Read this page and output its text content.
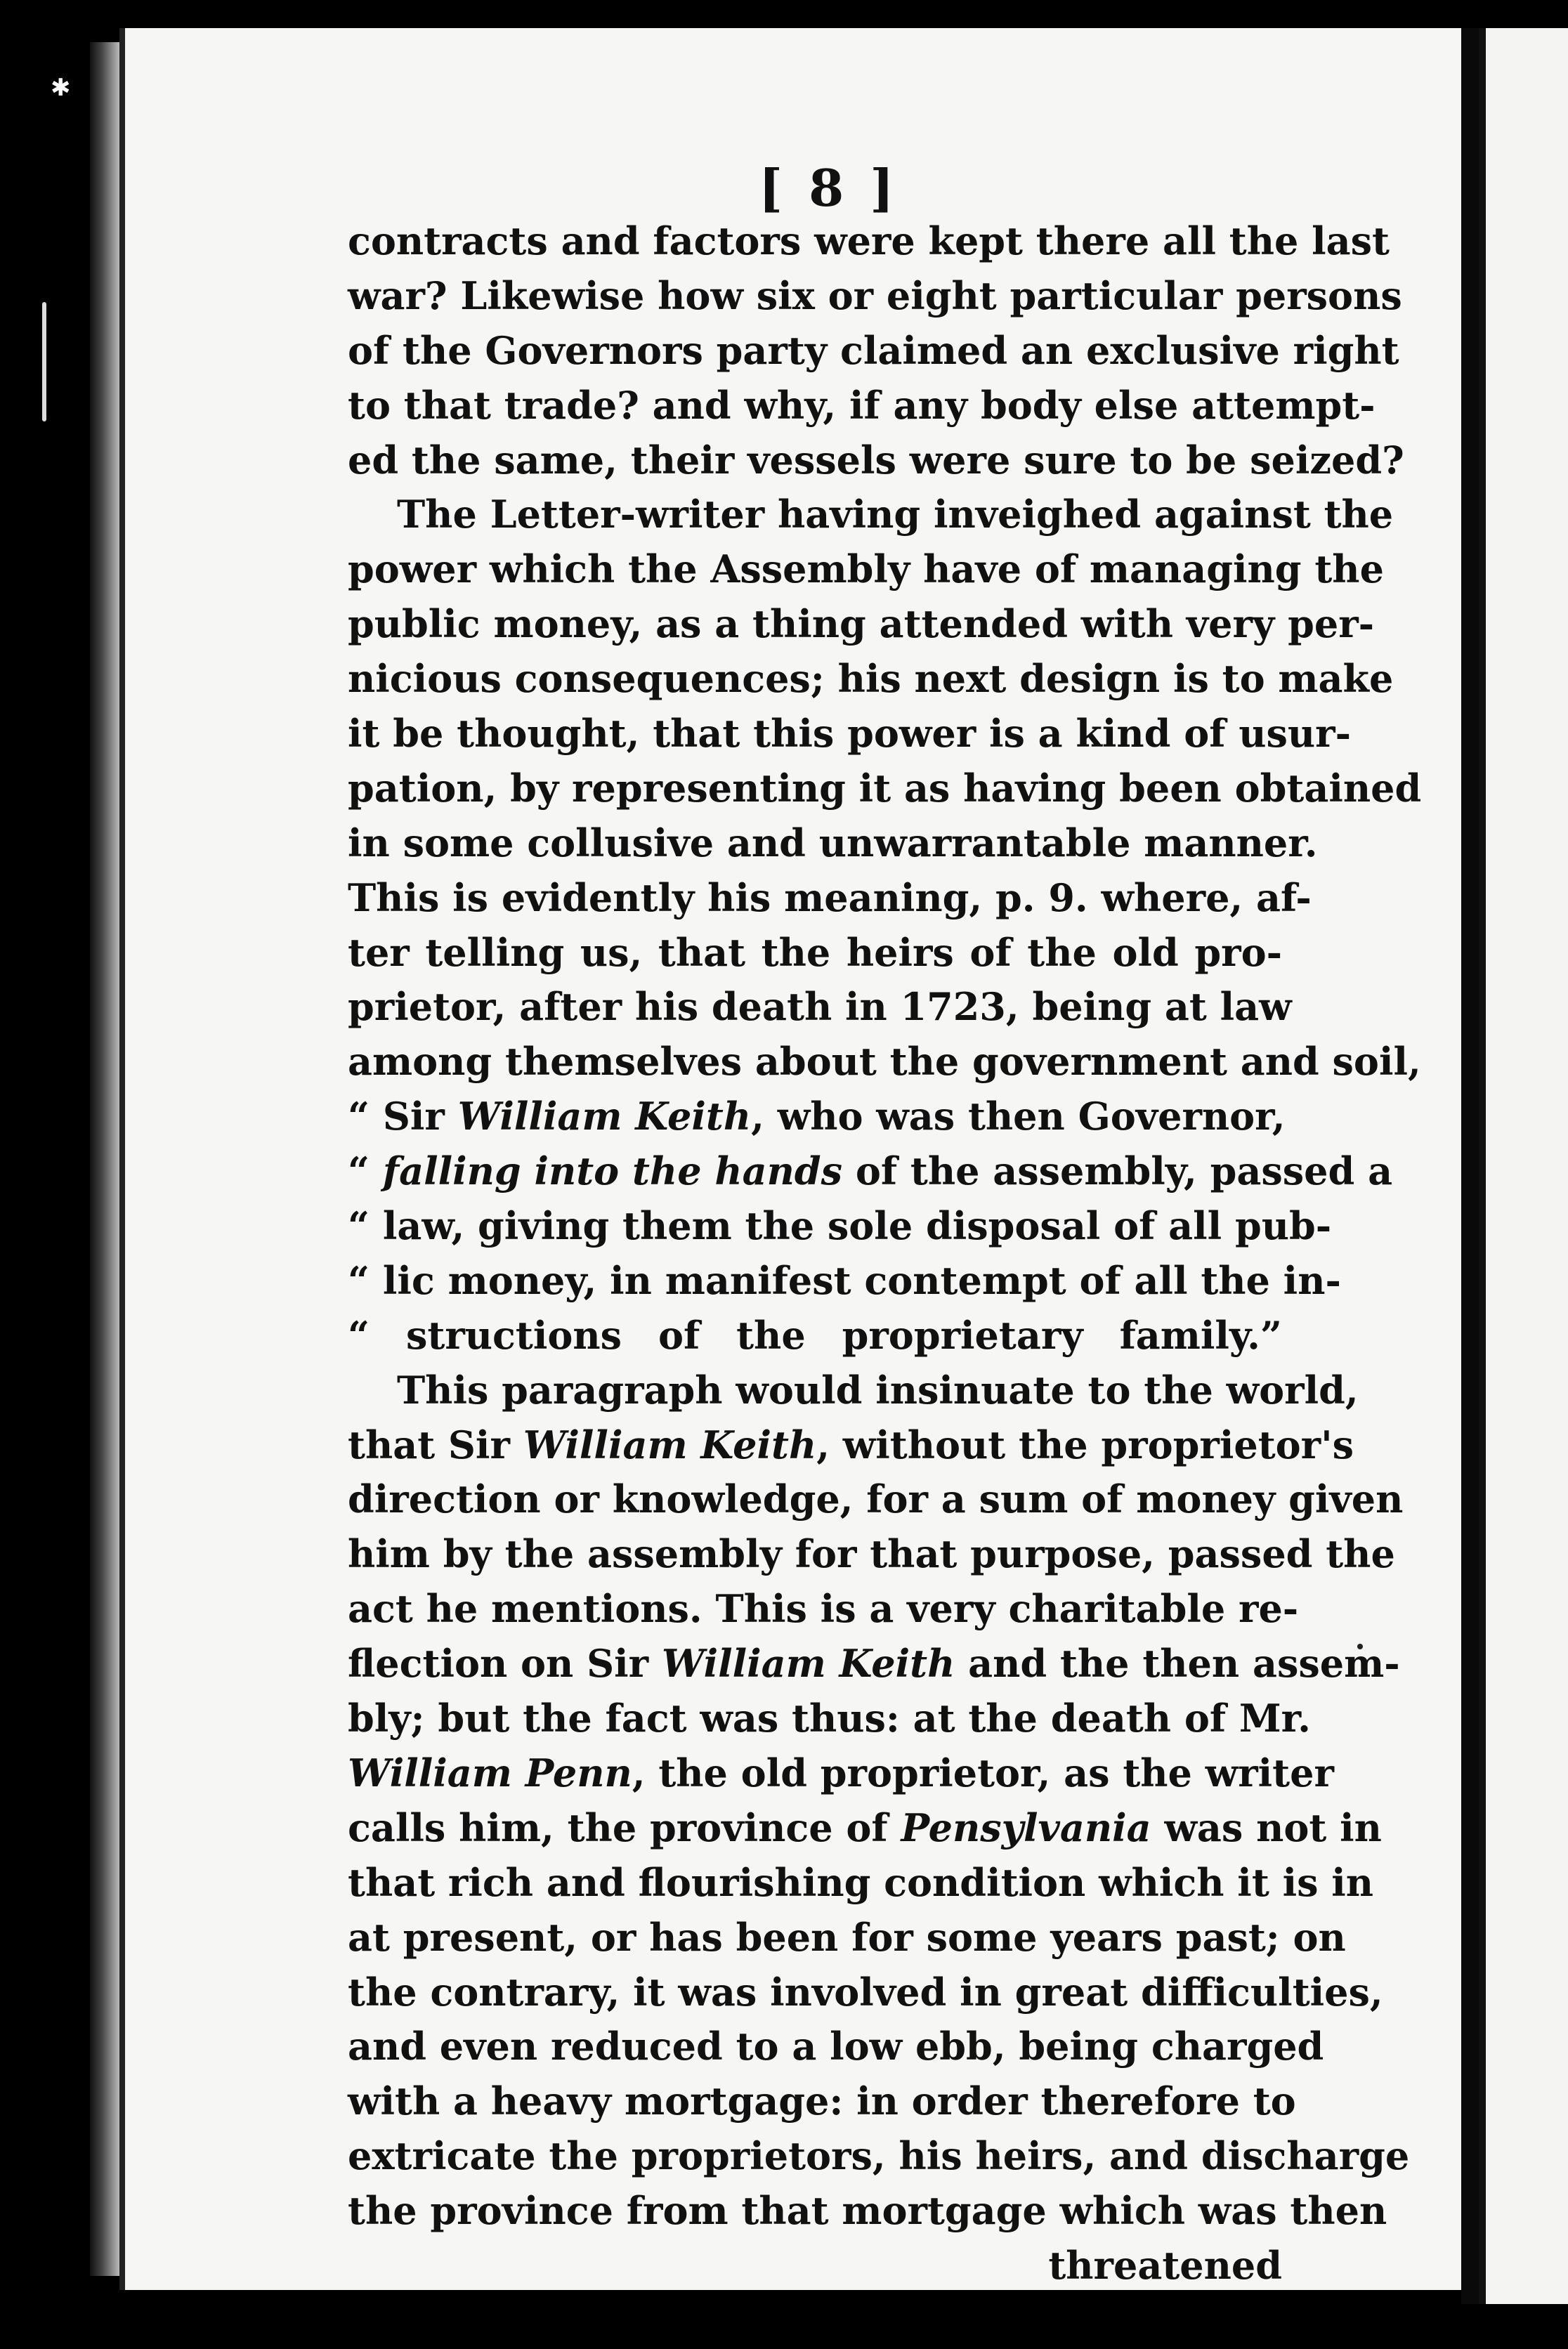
✱
[ 8 ]
contracts and factors were kept there all the last
war? Likewise how six or eight particular persons
of the Governors party claimed an exclusive right
to that trade? and why, if any body else attempt-
ed the same, their vessels were sure to be seized?
The Letter-writer having inveighed against the
power which the Assembly have of managing the
public money, as a thing attended with very per-
nicious consequences; his next design is to make
it be thought, that this power is a kind of usur-
pation, by representing it as having been obtained
in some collusive and unwarrantable manner.
This is evidently his meaning, p. 9. where, af-
ter telling us, that the heirs of the old pro-
prietor, after his death in 1723, being at law
among themselves about the government and soil,
“ Sir William Keith, who was then Governor,
“ falling into the hands of the assembly, passed a
“ law, giving them the sole disposal of all pub-
“ lic money, in manifest contempt of all the in-
“ structions of the proprietary family.”
This paragraph would insinuate to the world,
that Sir William Keith, without the proprietor's
direction or knowledge, for a sum of money given
him by the assembly for that purpose, passed the
act he mentions. This is a very charitable re-
flection on Sir William Keith and the then assem-
bly; but the fact was thus: at the death of Mr.
William Penn, the old proprietor, as the writer
calls him, the province of Pensylvania was not in
that rich and flourishing condition which it is in
at present, or has been for some years past; on
the contrary, it was involved in great difficulties,
and even reduced to a low ebb, being charged
with a heavy mortgage: in order therefore to
extricate the proprietors, his heirs, and discharge
the province from that mortgage which was then
threatened
